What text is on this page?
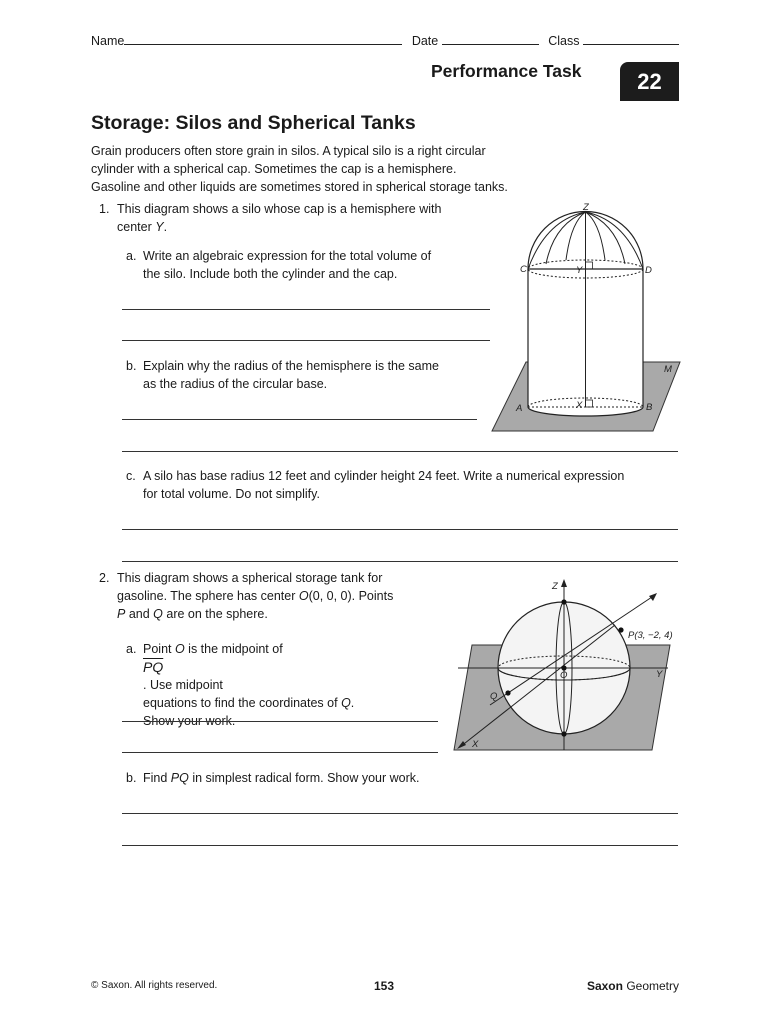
Name	Date	Class
Performance Task	22
Storage: Silos and Spherical Tanks
Grain producers often store grain in silos. A typical silo is a right circular
cylinder with a spherical cap. Sometimes the cap is a hemisphere.
Gasoline and other liquids are sometimes stored in spherical storage tanks.
1. This diagram shows a silo whose cap is a hemisphere with
center Y.
a. Write an algebraic expression for the total volume of
the silo. Include both the cylinder and the cap.
b. Explain why the radius of the hemisphere is the same
as the radius of the circular base.
c. A silo has base radius 12 feet and cylinder height 24 feet. Write a numerical expression
for total volume. Do not simplify.
Z
C	Y	D
M
A	X	B
2. This diagram shows a spherical storage tank for
gasoline. The sphere has center O(0, 0, 0). Points
P and Q are on the sphere.
a. Point O is the midpoint of
$\overline{PQ}$
. Use midpoint
equations to find the coordinates of Q.
Show your work.
b. Find PQ in simplest radical form. Show your work.
Z
P(3, −2, 4)
O	Y
Q
X
© Saxon. All rights reserved.	153	Saxon Geometry
